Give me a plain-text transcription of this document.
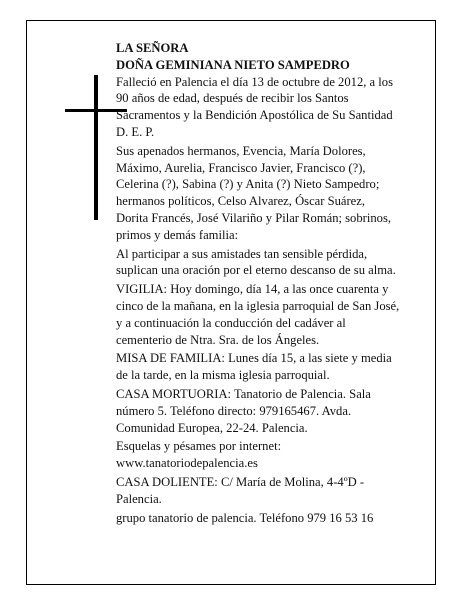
LA SEÑORA
DOÑA GEMINIANA NIETO SAMPEDRO
Falleció en Palencia el día 13 de octubre de 2012, a los
90 años de edad, después de recibir los Santos
Sacramentos y la Bendición Apostólica de Su Santidad
D. E. P.
Sus apenados hermanos, Evencia, María Dolores,
Máximo, Aurelia, Francisco Javier, Francisco (?),
Celerina (?), Sabina (?) y Anita (?) Nieto Sampedro;
hermanos políticos, Celso Alvarez, Óscar Suárez,
Dorita Francés, José Vilariño y Pilar Román; sobrinos,
primos y demás familia:
Al participar a sus amistades tan sensible pérdida,
suplican una oración por el eterno descanso de su alma.
VIGILIA: Hoy domingo, día 14, a las once cuarenta y
cinco de la mañana, en la iglesia parroquial de San José,
y a continuación la conducción del cadáver al
cementerio de Ntra. Sra. de los Ángeles.
MISA DE FAMILIA: Lunes día 15, a las siete y media
de la tarde, en la misma iglesia parroquial.
CASA MORTUORIA: Tanatorio de Palencia. Sala
número 5. Teléfono directo: 979165467. Avda.
Comunidad Europea, 22-24. Palencia.
Esquelas y pésames por internet:
www.tanatoriodepalencia.es
CASA DOLIENTE: C/ María de Molina, 4-4ºD -
Palencia.
grupo tanatorio de palencia. Teléfono 979 16 53 16
